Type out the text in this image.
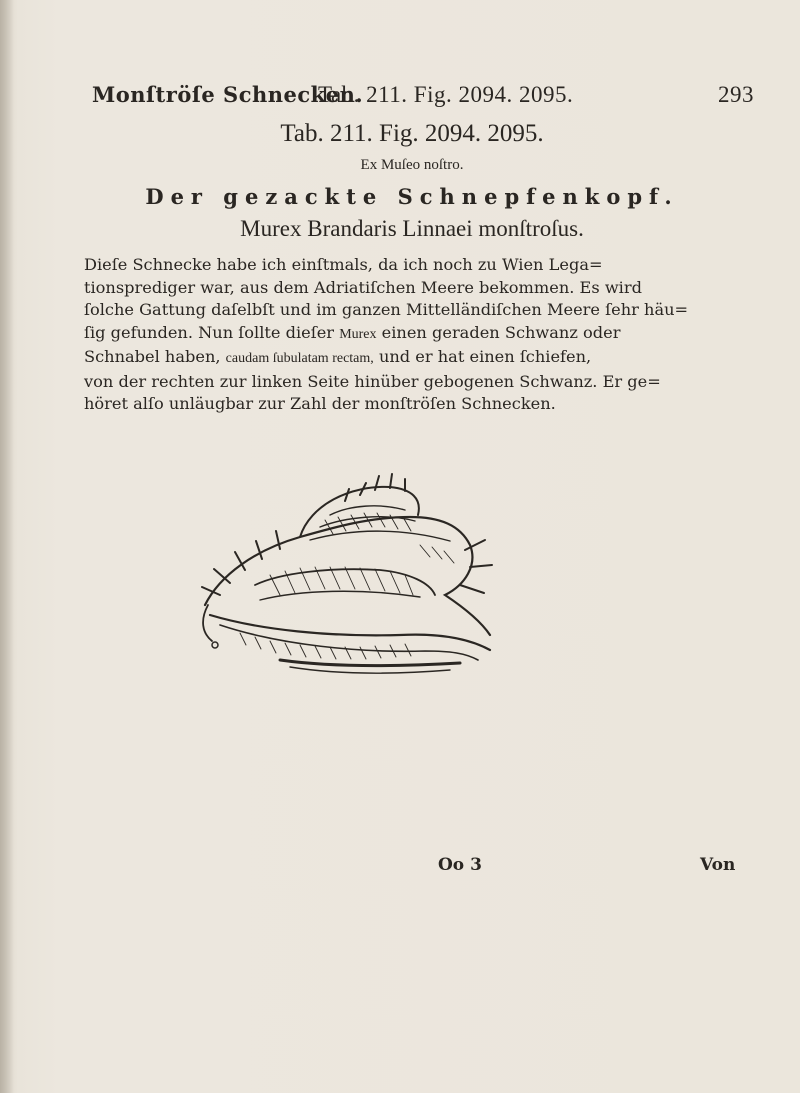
Monſtröſe Schnecken.
Tab. 211. Fig. 2094. 2095.	293
Tab. 211. Fig. 2094. 2095.
Ex Muſeo noſtro.
Der gezackte Schnepfenkopf.
Murex Brandaris Linnaei monſtroſus.
Dieſe Schnecke habe ich einſtmals, da ich noch zu Wien Lega=
tionsprediger war, aus dem Adriatiſchen Meere bekommen. Es wird
ſolche Gattung daſelbſt und im ganzen Mittelländiſchen Meere ſehr häu=
ſig gefunden. Nun ſollte dieſer Murex einen geraden Schwanz oder
Schnabel haben, caudam ſubulatam rectam, und er hat einen ſchiefen,
von der rechten zur linken Seite hinüber gebogenen Schwanz. Er ge=
höret alſo unläugbar zur Zahl der monſtröſen Schnecken.
Oo 3	Von
